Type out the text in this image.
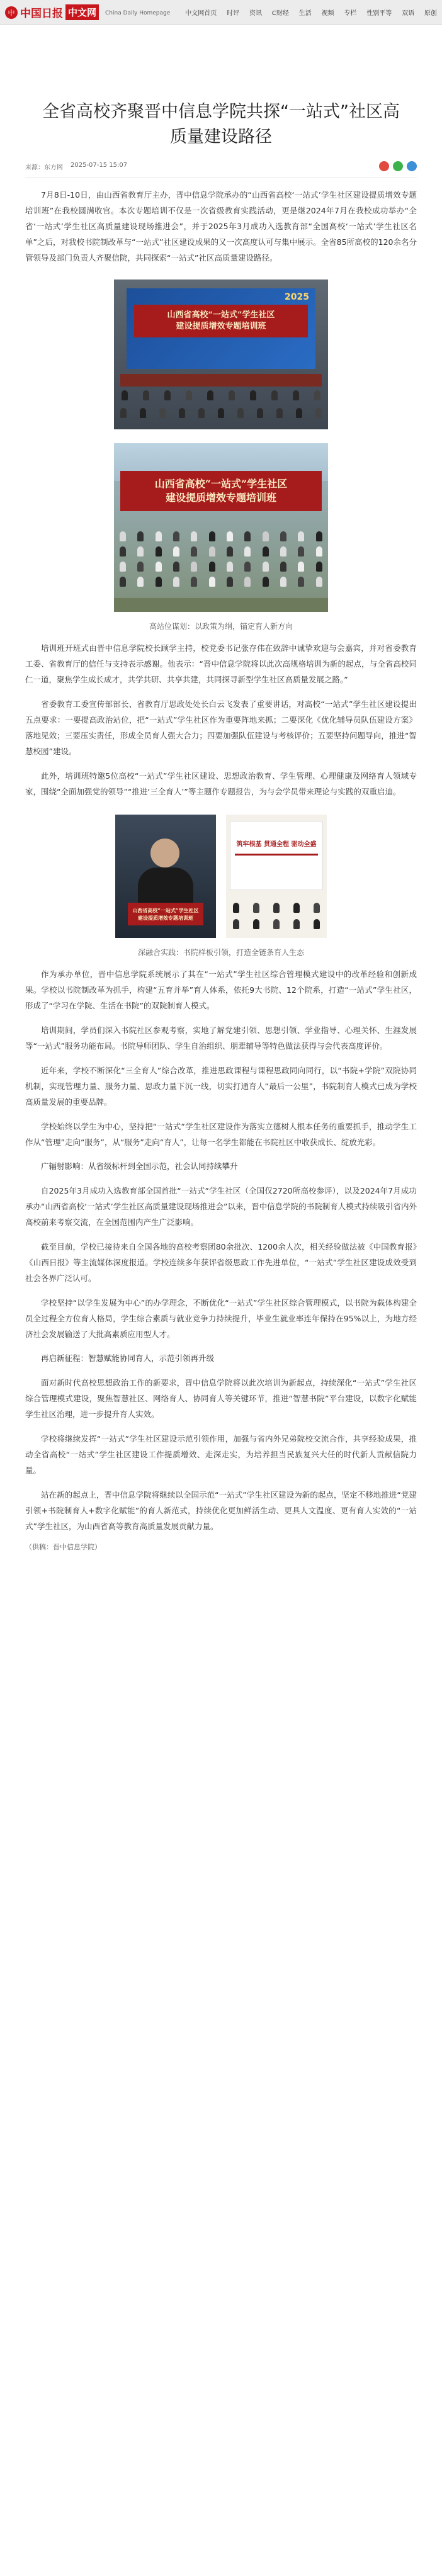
中 中国日报 中文网	China Daily Homepage 中文网首页 时评 资讯 C财经 生活 视频 专栏 性别平等 双语 原创
全省高校齐聚晋中信息学院共探“一站式”社区高质量建设路径
来源：东方网 2025-07-15 15:07

7月8日-10日，由山西省教育厅主办，晋中信息学院承办的“山西省高校‘一站式’学生社区建设提质增效专题培训班”在我校圆满收官。本次专题培训不仅是一次省级教育实践活动，更是继2024年7月在我校成功举办“全省‘一站式’学生社区高质量建设现场推进会”，并于2025年3月成功入选教育部“全国高校‘一站式’学生社区名单”之后，对我校书院制改革与“一站式”社区建设成果的又一次高度认可与集中展示。全省85所高校的120余名分管领导及部门负责人齐聚信院，共同探索“一站式”社区高质量建设路径。

山西省高校“一站式”学生社区
建设提质增效专题培训班
2025
山西省高校“一站式”学生社区
建设提质增效专题培训班

高站位谋划：以政策为纲，锚定育人新方向

培训班开班式由晋中信息学院校长顾学主持，校党委书记张存伟在致辞中诚挚欢迎与会嘉宾，并对省委教育工委、省教育厅的信任与支持表示感谢。他表示：“晋中信息学院将以此次高规格培训为新的起点，与全省高校同仁一道，聚焦学生成长成才，共学共研、共享共建，共同探寻新型学生社区高质量发展之路。”

省委教育工委宣传部部长、省教育厅思政处处长白云飞发表了重要讲话，对高校“一站式”学生社区建设提出五点要求：一要提高政治站位，把“一站式”学生社区作为重要阵地来抓；二要深化《优化辅导员队伍建设方案》落地见效；三要压实责任，形成全员育人强大合力；四要加强队伍建设与考核评价；五要坚持问题导向，推进“智慧校园”建设。

此外，培训班特邀5位高校“一站式”学生社区建设、思想政治教育、学生管理、心理健康及网络育人领域专家，围绕“全面加强党的领导”“推进‘三全育人’”等主题作专题报告，为与会学员带来理论与实践的双重启迪。

山西省高校“一站式”学生社区
建设提质增效专题培训班
筑牢根基 贯通全程 驱动全盛

深融合实践：书院样板引领，打造全链条育人生态

作为承办单位，晋中信息学院系统展示了其在“一站式”学生社区综合管理模式建设中的改革经验和创新成果。学校以书院制改革为抓手，构建“五育并举”育人体系，依托9大书院、12个院系，打造“一站式”学生社区，形成了“学习在学院、生活在书院”的双院制育人模式。

培训期间，学员们深入书院社区参观考察，实地了解党建引领、思想引领、学业指导、心理关怀、生涯发展等“一站式”服务功能布局。书院导师团队、学生自治组织、朋辈辅导等特色做法获得与会代表高度评价。

近年来，学校不断深化“三全育人”综合改革，推进思政课程与课程思政同向同行，以“书院+学院”双院协同机制，实现管理力量、服务力量、思政力量下沉一线，切实打通育人“最后一公里”，书院制育人模式已成为学校高质量发展的重要品牌。

学校始终以学生为中心，坚持把“一站式”学生社区建设作为落实立德树人根本任务的重要抓手，推动学生工作从“管理”走向“服务”，从“服务”走向“育人”，让每一名学生都能在书院社区中收获成长、绽放光彩。

广辐射影响：从省级标杆到全国示范，社会认同持续攀升

自2025年3月成功入选教育部全国首批“一站式”学生社区（全国仅2720所高校参评），以及2024年7月成功承办“山西省高校‘一站式’学生社区高质量建设现场推进会”以来，晋中信息学院的书院制育人模式持续吸引省内外高校前来考察交流，在全国范围内产生广泛影响。

截至目前，学校已接待来自全国各地的高校考察团80余批次、1200余人次，相关经验做法被《中国教育报》《山西日报》等主流媒体深度报道。学校连续多年获评省级思政工作先进单位，“一站式”学生社区建设成效受到社会各界广泛认可。

学校坚持“以学生发展为中心”的办学理念，不断优化“一站式”学生社区综合管理模式，以书院为载体构建全员全过程全方位育人格局，学生综合素质与就业竞争力持续提升，毕业生就业率连年保持在95%以上，为地方经济社会发展输送了大批高素质应用型人才。

再启新征程：智慧赋能协同育人，示范引领再升级

面对新时代高校思想政治工作的新要求，晋中信息学院将以此次培训为新起点，持续深化“一站式”学生社区综合管理模式建设，聚焦智慧社区、网络育人、协同育人等关键环节，推进“智慧书院”平台建设，以数字化赋能学生社区治理，进一步提升育人实效。

学校将继续发挥“一站式”学生社区建设示范引领作用，加强与省内外兄弟院校交流合作，共享经验成果，推动全省高校“一站式”学生社区建设工作提质增效、走深走实，为培养担当民族复兴大任的时代新人贡献信院力量。

站在新的起点上，晋中信息学院将继续以全国示范“一站式”学生社区建设为新的起点，坚定不移地推进“党建引领+书院制育人+数字化赋能”的育人新范式，持续优化更加鲜活生动、更具人文温度、更有育人实效的“一站式”学生社区，为山西省高等教育高质量发展贡献力量。

（供稿：晋中信息学院）
